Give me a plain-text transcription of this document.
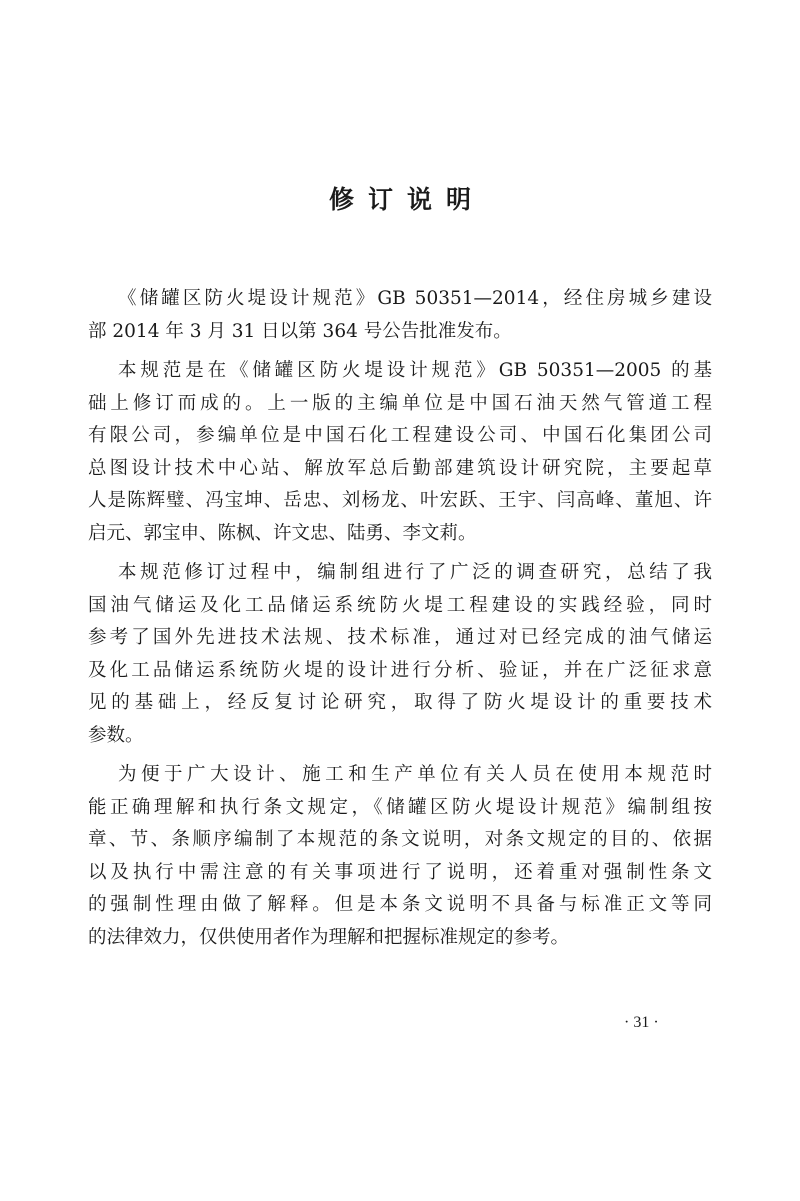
修订说明
《储罐区防火堤设计规范》GB 50351—2014，经住房城乡建设
部 2014 年 3 月 31 日以第 364 号公告批准发布。
本规范是在《储罐区防火堤设计规范》GB 50351—2005 的基
础上修订而成的。上一版的主编单位是中国石油天然气管道工程
有限公司，参编单位是中国石化工程建设公司、中国石化集团公司
总图设计技术中心站、解放军总后勤部建筑设计研究院，主要起草
人是陈辉璧、冯宝坤、岳忠、刘杨龙、叶宏跃、王宇、闫高峰、董旭、许
启元、郭宝申、陈枫、许文忠、陆勇、李文莉。
本规范修订过程中，编制组进行了广泛的调查研究，总结了我
国油气储运及化工品储运系统防火堤工程建设的实践经验，同时
参考了国外先进技术法规、技术标准，通过对已经完成的油气储运
及化工品储运系统防火堤的设计进行分析、验证，并在广泛征求意
见的基础上，经反复讨论研究，取得了防火堤设计的重要技术
参数。
为便于广大设计、施工和生产单位有关人员在使用本规范时
能正确理解和执行条文规定，《储罐区防火堤设计规范》编制组按
章、节、条顺序编制了本规范的条文说明，对条文规定的目的、依据
以及执行中需注意的有关事项进行了说明，还着重对强制性条文
的强制性理由做了解释。但是本条文说明不具备与标准正文等同
的法律效力，仅供使用者作为理解和把握标准规定的参考。
· 31 ·
